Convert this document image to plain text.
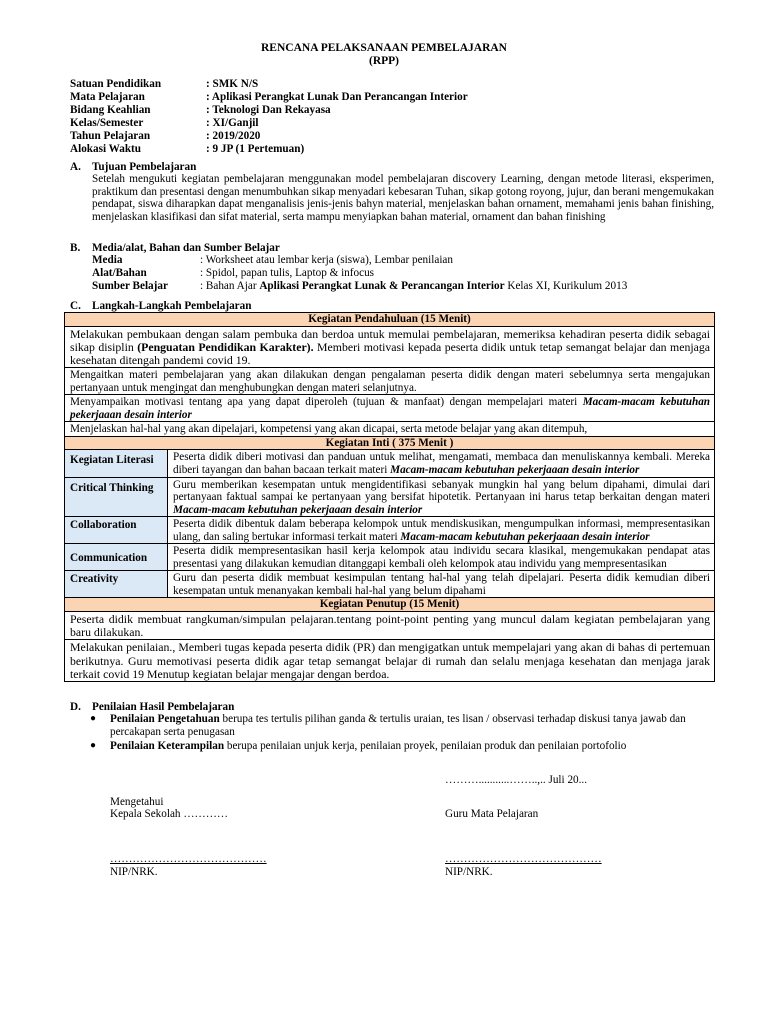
RENCANA PELAKSANAAN PEMBELAJARAN
(RPP)
Satuan Pendidikan	: SMK N/S
Mata Pelajaran	: Aplikasi Perangkat Lunak Dan Perancangan Interior
Bidang Keahlian	: Teknologi Dan Rekayasa
Kelas/Semester	: XI/Ganjil
Tahun Pelajaran	: 2019/2020
Alokasi Waktu	: 9 JP (1 Pertemuan)
A. Tujuan Pembelajaran
Setelah mengukuti kegiatan pembelajaran menggunakan model pembelajaran discovery Learning, dengan metode literasi, eksperimen, praktikum dan presentasi dengan menumbuhkan sikap menyadari kebesaran Tuhan, sikap gotong royong, jujur, dan berani mengemukakan pendapat, siswa diharapkan dapat menganalisis jenis-jenis bahyn material, menjelaskan bahan ornament, memahami jenis bahan finishing, menjelaskan klasifikasi dan sifat material, serta mampu menyiapkan bahan material, ornament dan bahan finishing
B. Media/alat, Bahan dan Sumber Belajar
Media	: Worksheet atau lembar kerja (siswa), Lembar penilaian
Alat/Bahan	: Spidol, papan tulis, Laptop & infocus
Sumber Belajar	: Bahan Ajar Aplikasi Perangkat Lunak & Perancangan Interior Kelas XI, Kurikulum 2013
C. Langkah-Langkah Pembelajaran
Kegiatan Pendahuluan (15 Menit)	
Melakukan pembukaan dengan salam pembuka dan berdoa untuk memulai pembelajaran, memeriksa kehadiran peserta didik sebagai sikap disiplin (Penguatan Pendidikan Karakter). Memberi motivasi kepada peserta didik untuk tetap semangat belajar dan menjaga kesehatan ditengah pandemi covid 19.	
Mengaitkan materi pembelajaran yang akan dilakukan dengan pengalaman peserta didik dengan materi sebelumnya serta mengajukan pertanyaan untuk mengingat dan menghubungkan dengan materi selanjutnya.	
Menyampaikan motivasi tentang apa yang dapat diperoleh (tujuan & manfaat) dengan mempelajari materi Macam-macam kebutuhan pekerjaaan desain interior	
Menjelaskan hal-hal yang akan dipelajari, kompetensi yang akan dicapai, serta metode belajar yang akan ditempuh,	
Kegiatan Inti ( 375 Menit )	
Kegiatan Literasi	Peserta didik diberi motivasi dan panduan untuk melihat, mengamati, membaca dan menuliskannya kembali. Mereka diberi tayangan dan bahan bacaan terkait materi Macam-macam kebutuhan pekerjaaan desain interior
Critical Thinking	Guru memberikan kesempatan untuk mengidentifikasi sebanyak mungkin hal yang belum dipahami, dimulai dari pertanyaan faktual sampai ke pertanyaan yang bersifat hipotetik. Pertanyaan ini harus tetap berkaitan dengan materi Macam-macam kebutuhan pekerjaaan desain interior
Collaboration	Peserta didik dibentuk dalam beberapa kelompok untuk mendiskusikan, mengumpulkan informasi, mempresentasikan ulang, dan saling bertukar informasi terkait materi Macam-macam kebutuhan pekerjaaan desain interior
Communication	Peserta didik mempresentasikan hasil kerja kelompok atau individu secara klasikal, mengemukakan pendapat atas presentasi yang dilakukan kemudian ditanggapi kembali oleh kelompok atau individu yang mempresentasikan
Creativity	Guru dan peserta didik membuat kesimpulan tentang hal-hal yang telah dipelajari. Peserta didik kemudian diberi kesempatan untuk menanyakan kembali hal-hal yang belum dipahami
Kegiatan Penutup (15 Menit)	
Peserta didik membuat rangkuman/simpulan pelajaran.tentang point-point penting yang muncul dalam kegiatan pembelajaran yang baru dilakukan.	
Melakukan penilaian., Memberi tugas kepada peserta didik (PR) dan mengigatkan untuk mempelajari yang akan di bahas di pertemuan berikutnya. Guru memotivasi peserta didik agar tetap semangat belajar di rumah dan selalu menjaga kesehatan dan menjaga jarak terkait covid 19 Menutup kegiatan belajar mengajar dengan berdoa.	
D. Penilaian Hasil Pembelajaran
● Penilaian Pengetahuan berupa tes tertulis pilihan ganda & tertulis uraian, tes lisan / observasi terhadap diskusi tanya jawab dan percakapan serta penugasan
● Penilaian Keterampilan berupa penilaian unjuk kerja, penilaian proyek, penilaian produk dan penilaian portofolio
………...........……..,.. Juli 20...
Mengetahui
Kepala Sekolah …………	Guru Mata Pelajaran
……………………………………	……………………………………
NIP/NRK.	NIP/NRK.
